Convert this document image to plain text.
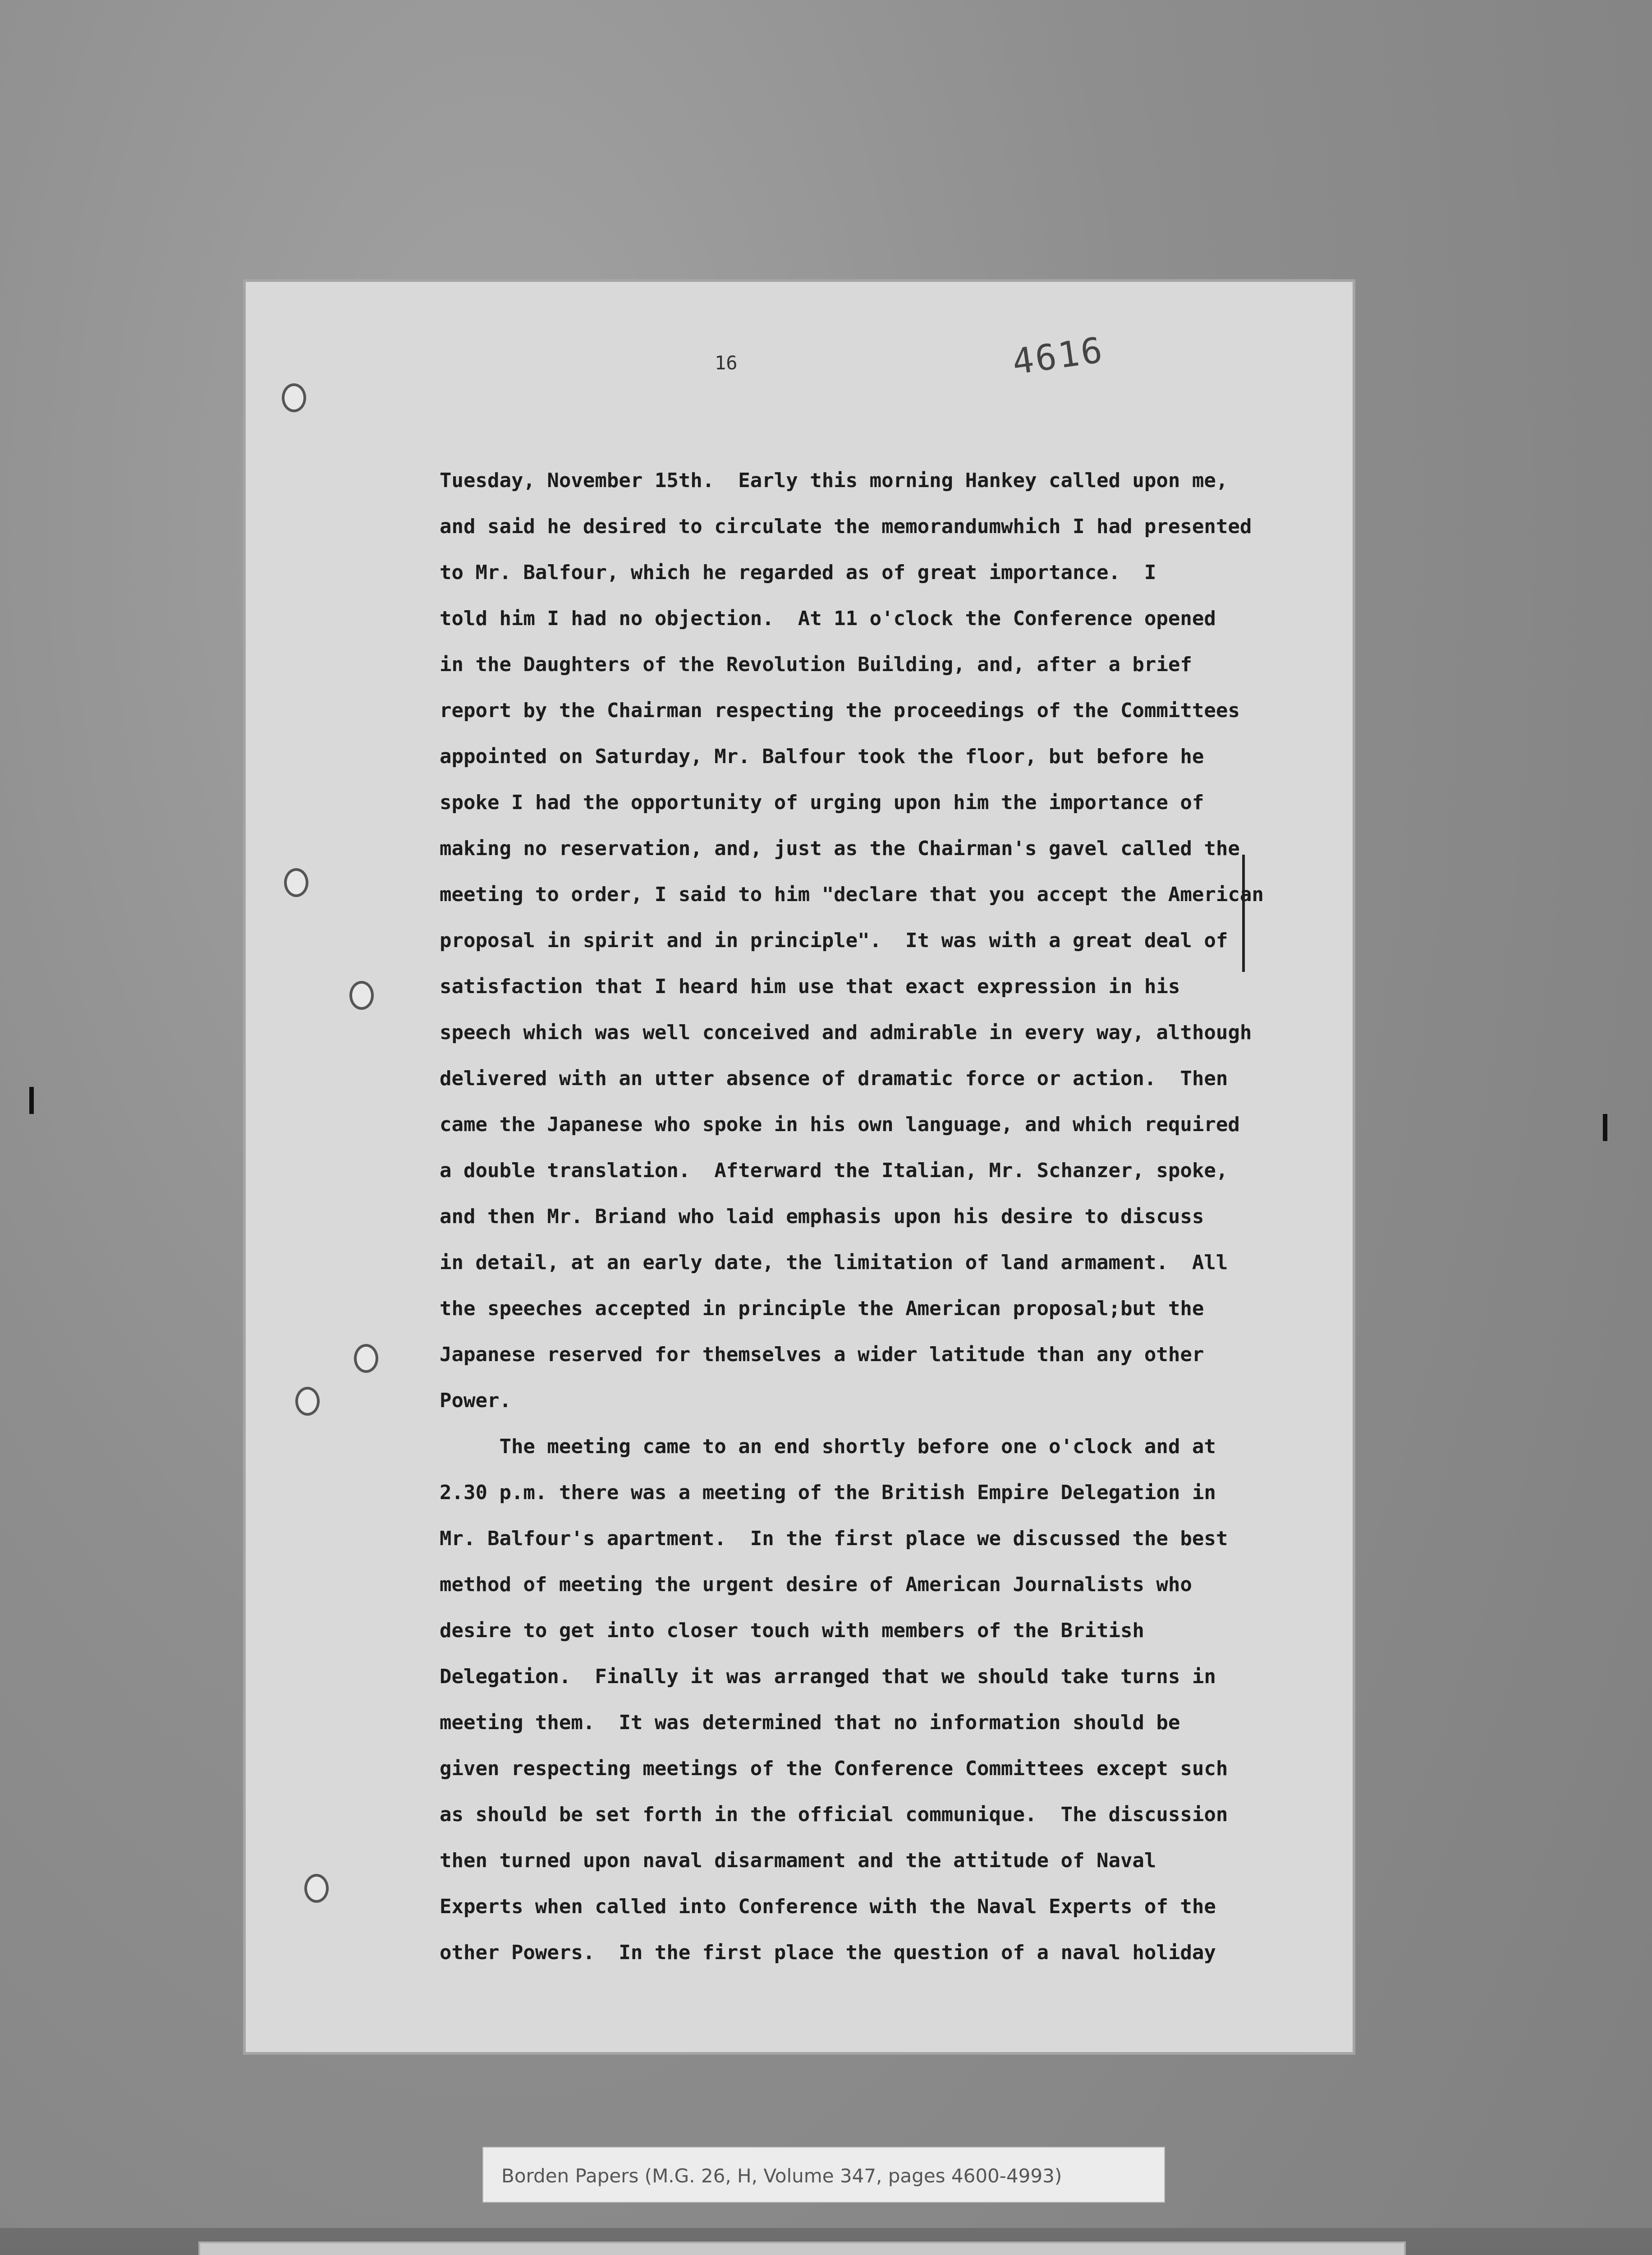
16	4616
Tuesday, November 15th.  Early this morning Hankey called upon me,
and said he desired to circulate the memorandumwhich I had presented
to Mr. Balfour, which he regarded as of great importance.  I
told him I had no objection.  At 11 o'clock the Conference opened
in the Daughters of the Revolution Building, and, after a brief
report by the Chairman respecting the proceedings of the Committees
appointed on Saturday, Mr. Balfour took the floor, but before he
spoke I had the opportunity of urging upon him the importance of
making no reservation, and, just as the Chairman's gavel called the
meeting to order, I said to him "declare that you accept the American
proposal in spirit and in principle".  It was with a great deal of
satisfaction that I heard him use that exact expression in his
speech which was well conceived and admirable in every way, although
delivered with an utter absence of dramatic force or action.  Then
came the Japanese who spoke in his own language, and which required
a double translation.  Afterward the Italian, Mr. Schanzer, spoke,
and then Mr. Briand who laid emphasis upon his desire to discuss
in detail, at an early date, the limitation of land armament.  All
the speeches accepted in principle the American proposal;but the
Japanese reserved for themselves a wider latitude than any other
Power.
The meeting came to an end shortly before one o'clock and at
2.30 p.m. there was a meeting of the British Empire Delegation in
Mr. Balfour's apartment.  In the first place we discussed the best
method of meeting the urgent desire of American Journalists who
desire to get into closer touch with members of the British
Delegation.  Finally it was arranged that we should take turns in
meeting them.  It was determined that no information should be
given respecting meetings of the Conference Committees except such
as should be set forth in the official communique.  The discussion
then turned upon naval disarmament and the attitude of Naval
Experts when called into Conference with the Naval Experts of the
other Powers.  In the first place the question of a naval holiday
Borden Papers (M.G. 26, H, Volume 347, pages 4600-4993)
